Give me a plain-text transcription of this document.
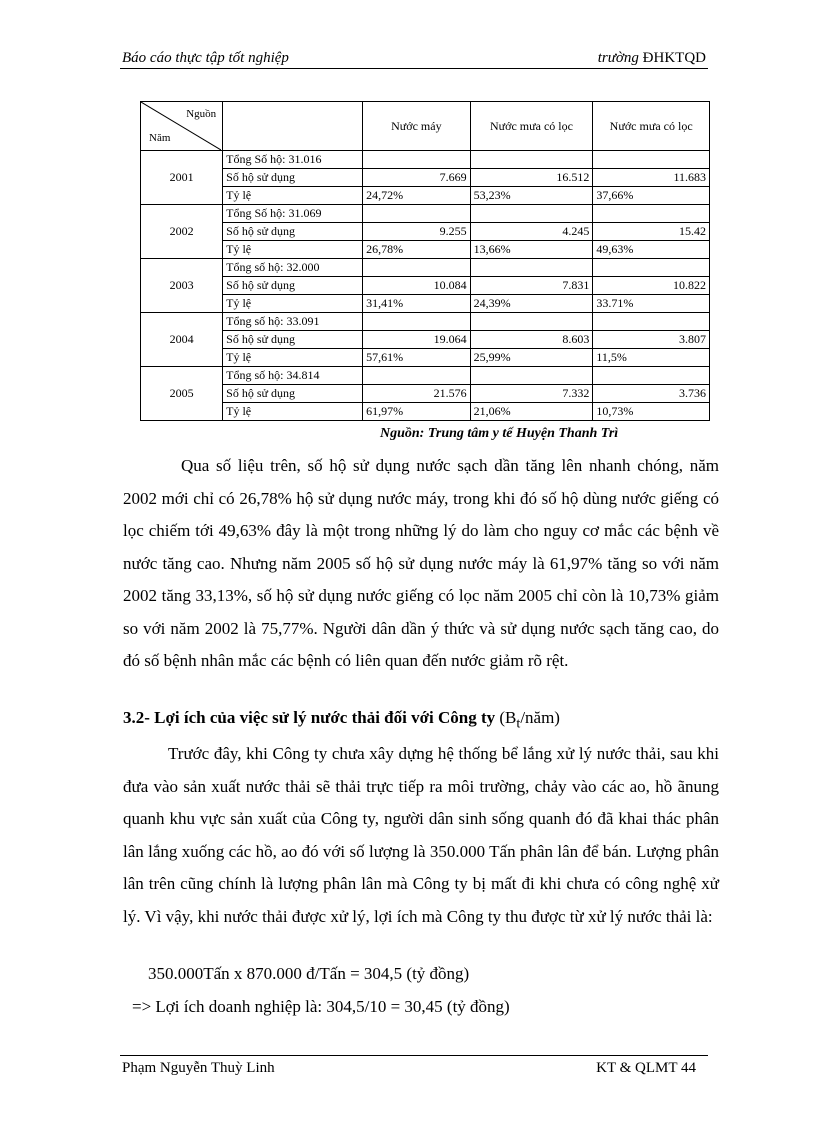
Báo cáo thực tập tốt nghiệp	trường ĐHKTQD
Nguồn
Năm		Nước máy	Nước mưa có lọc	Nước mưa có lọc
2001	Tổng Số hộ: 31.016			
	Số hộ sử dụng	7.669	16.512	11.683
	Tỷ lệ	24,72%	53,23%	37,66%
2002	Tổng Số hộ: 31.069			
	Số hộ sử dụng	9.255	4.245	15.42
	Tỷ lệ	26,78%	13,66%	49,63%
2003	Tổng số hộ: 32.000			
	Số hộ sử dụng	10.084	7.831	10.822
	Tỷ lệ	31,41%	24,39%	33.71%
2004	Tổng số hộ: 33.091			
	Số hộ sử dụng	19.064	8.603	3.807
	Tỷ lệ	57,61%	25,99%	11,5%
2005	Tổng số hộ: 34.814			
	Số hộ sử dụng	21.576	7.332	3.736
	Tỷ lệ	61,97%	21,06%	10,73%
Nguồn: Trung tâm y tế Huyện Thanh Trì
Qua số liệu trên, số hộ sử dụng nước sạch dần tăng lên nhanh chóng, năm 2002 mới chỉ có 26,78% hộ sử dụng nước máy, trong khi đó số hộ dùng nước giếng có lọc chiếm tới 49,63% đây là một trong những lý do làm cho nguy cơ mắc các bệnh về nước tăng cao. Nhưng năm 2005 số hộ sử dụng nước máy là 61,97% tăng so với năm 2002 tăng 33,13%, số hộ sử dụng nước giếng có lọc năm 2005 chỉ còn là 10,73% giảm so với năm 2002 là 75,77%. Người dân dần ý thức và sử dụng nước sạch tăng cao, do đó số bệnh nhân mắc các bệnh có liên quan đến nước giảm rõ rệt.
3.2- Lợi ích của việc sử lý nước thải đối với Công ty $(B_t/năm)$
Trước đây, khi Công ty chưa xây dựng hệ thống bể lắng xử lý nước thải, sau khi đưa vào sản xuất nước thải sẽ thải trực tiếp ra môi trường, chảy vào các ao, hồ ãnung quanh khu vực sản xuất của Công ty, người dân sinh sống quanh đó đã khai thác phân lân lắng xuống các hồ, ao đó với số lượng là 350.000 Tấn phân lân để bán. Lượng phân lân trên cũng chính là lượng phân lân mà Công ty bị mất đi khi chưa có công nghệ xử lý. Vì vậy, khi nước thải được xử lý, lợi ích mà Công ty thu được từ xử lý nước thải là:
350.000Tấn x 870.000 đ/Tấn = 304,5 (tỷ đồng)
=> Lợi ích doanh nghiệp là: 304,5/10 = 30,45 (tỷ đồng)
Phạm Nguyễn Thuỳ Linh	KT & QLMT 44
